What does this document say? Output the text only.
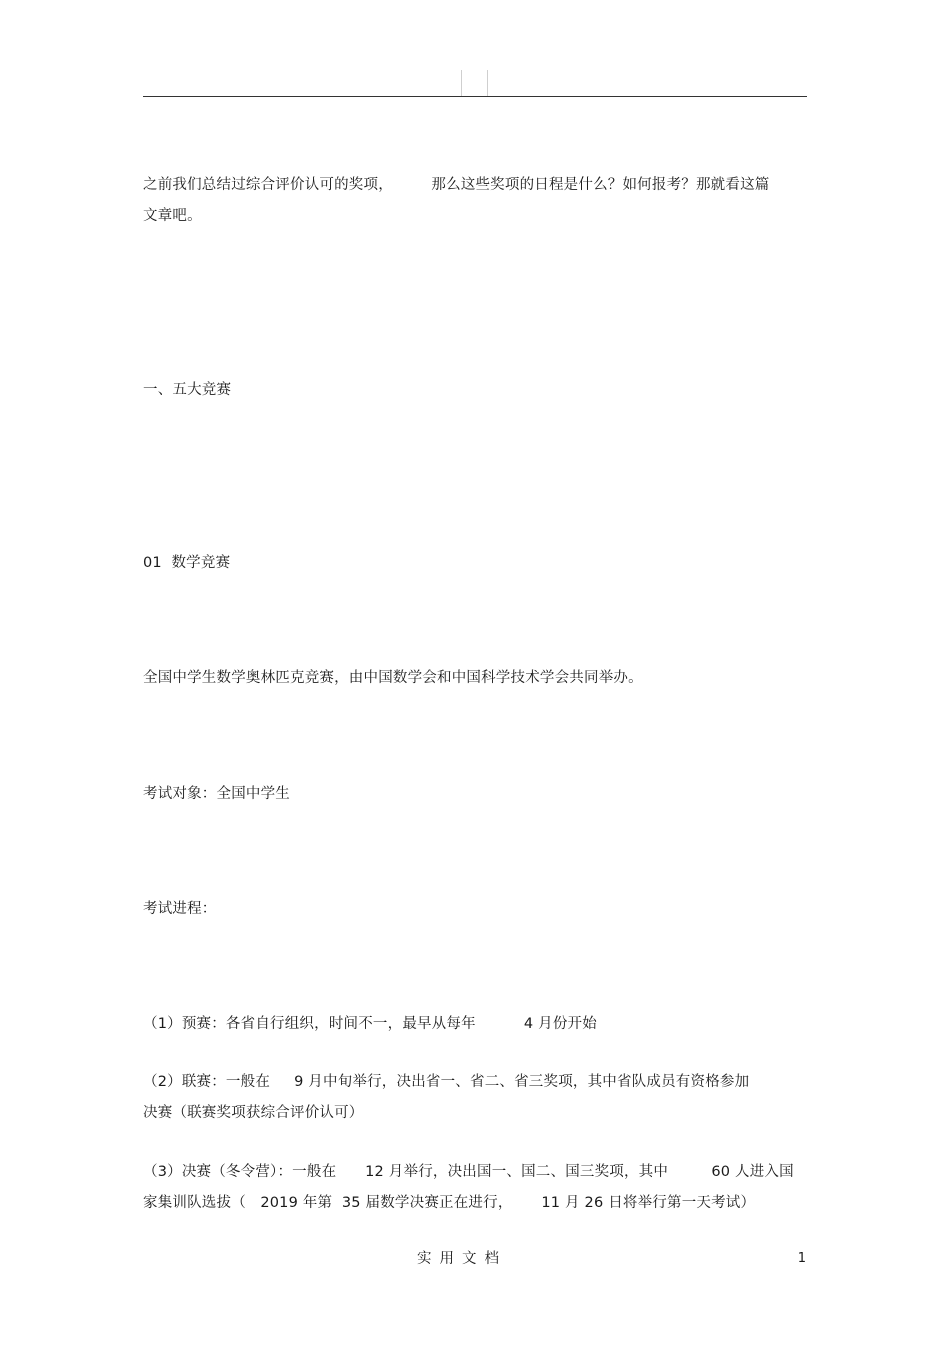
之前我们总结过综合评价认可的奖项，        那么这些奖项的日程是什么？如何报考？那就看这篇
文章吧。
一、五大竞赛
01  数学竞赛
全国中学生数学奥林匹克竞赛，由中国数学会和中国科学技术学会共同举办。
考试对象：全国中学生
考试进程：
（1）预赛：各省自行组织，时间不一，最早从每年          4 月份开始
（2）联赛：一般在     9 月中旬举行，决出省一、省二、省三奖项，其中省队成员有资格参加
决赛（联赛奖项获综合评价认可）
（3）决赛（冬令营）：一般在      12 月举行，决出国一、国二、国三奖项，其中         60 人进入国
家集训队选拔（   2019 年第  35 届数学决赛正在进行，      11 月 26 日将举行第一天考试）
实用文档	1
